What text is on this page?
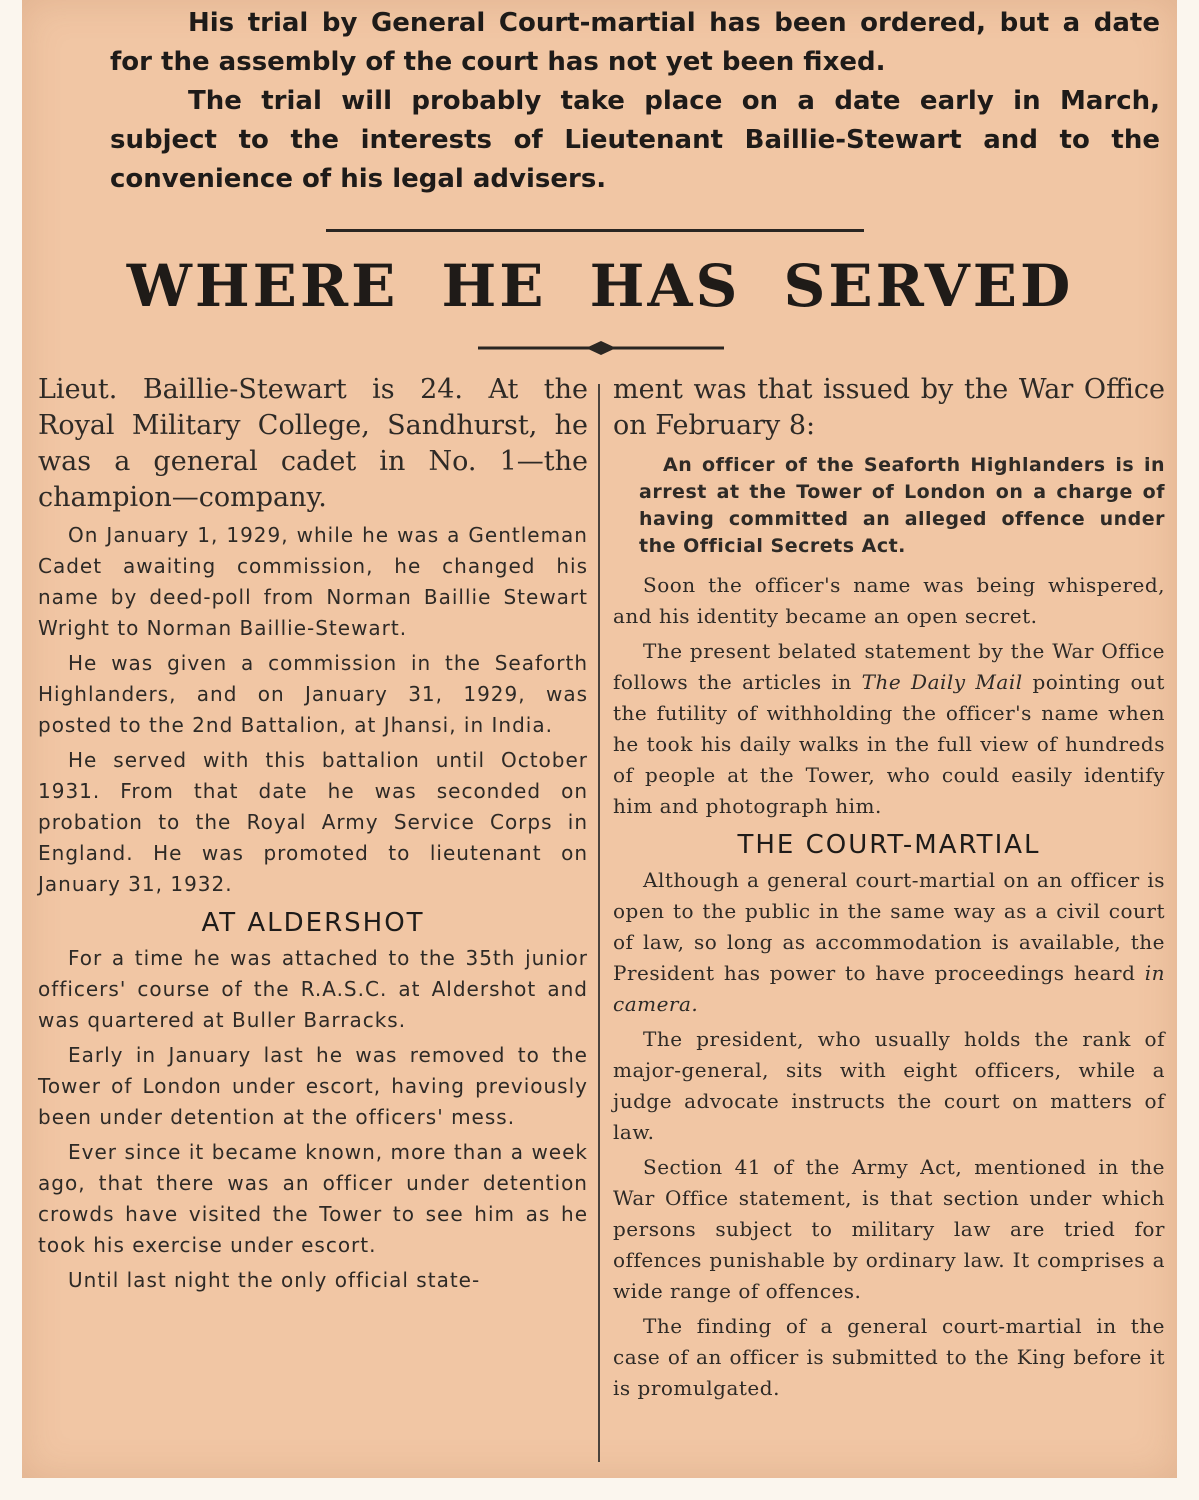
His trial by General Court-martial has been ordered, but a date for the assembly of the court has not yet been fixed.

The trial will probably take place on a date early in March, subject to the interests of Lieutenant Baillie-Stewart and to the convenience of his legal advisers.

WHERE HE HAS SERVED

Lieut. Baillie-Stewart is 24. At the Royal Military College, Sandhurst, he was a general cadet in No. 1—the champion—company.

On January 1, 1929, while he was a Gentleman Cadet awaiting commission, he changed his name by deed-poll from Norman Baillie Stewart Wright to Norman Baillie-Stewart.

He was given a commission in the Seaforth Highlanders, and on January 31, 1929, was posted to the 2nd Battalion, at Jhansi, in India.

He served with this battalion until October 1931. From that date he was seconded on probation to the Royal Army Service Corps in England. He was promoted to lieutenant on January 31, 1932.

AT ALDERSHOT

For a time he was attached to the 35th junior officers' course of the R.A.S.C. at Aldershot and was quartered at Buller Barracks.

Early in January last he was removed to the Tower of London under escort, having previously been under detention at the officers' mess.

Ever since it became known, more than a week ago, that there was an officer under detention crowds have visited the Tower to see him as he took his exercise under escort.

Until last night the only official state-

ment was that issued by the War Office on February 8:

An officer of the Seaforth Highlanders is in arrest at the Tower of London on a charge of having committed an alleged offence under the Official Secrets Act.

Soon the officer's name was being whispered, and his identity became an open secret.

The present belated statement by the War Office follows the articles in The Daily Mail pointing out the futility of withholding the officer's name when he took his daily walks in the full view of hundreds of people at the Tower, who could easily identify him and photograph him.

THE COURT-MARTIAL

Although a general court-martial on an officer is open to the public in the same way as a civil court of law, so long as accommodation is available, the President has power to have proceedings heard in camera.

The president, who usually holds the rank of major-general, sits with eight officers, while a judge advocate instructs the court on matters of law.

Section 41 of the Army Act, mentioned in the War Office statement, is that section under which persons subject to military law are tried for offences punishable by ordinary law. It comprises a wide range of offences.

The finding of a general court-martial in the case of an officer is submitted to the King before it is promulgated.
